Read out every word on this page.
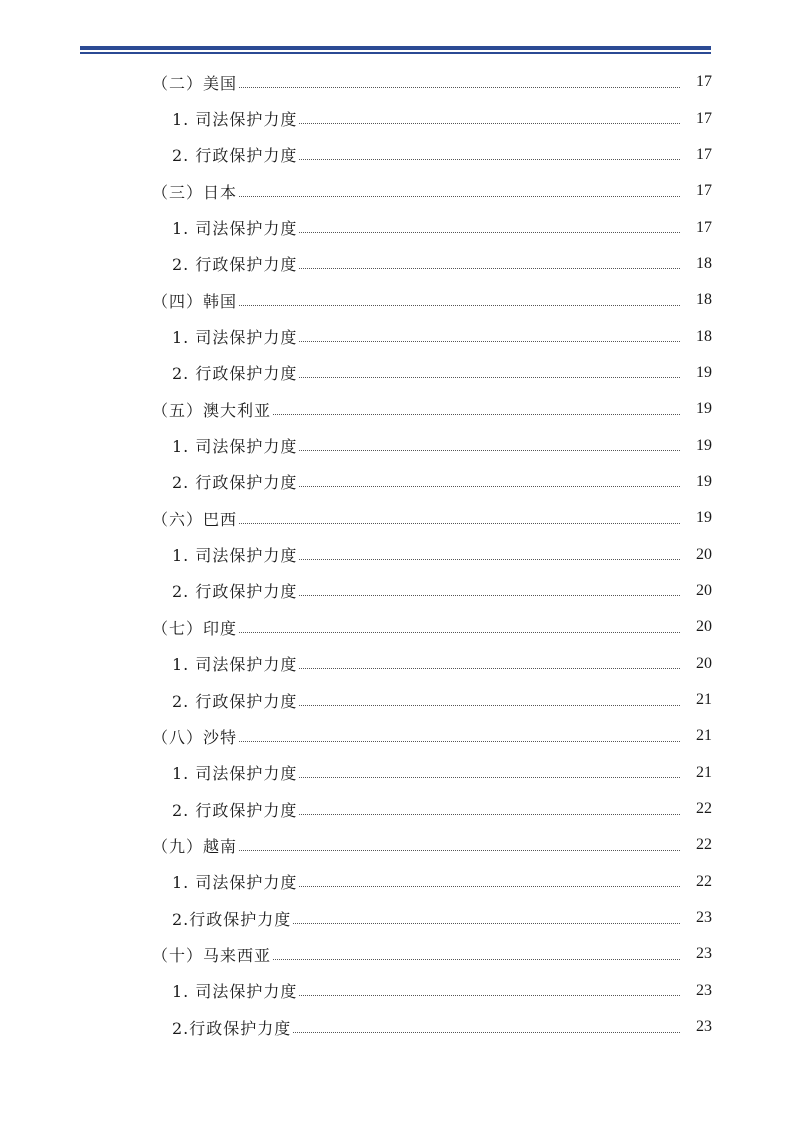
（二）美国	17
1. 司法保护力度	17
2. 行政保护力度	17
（三）日本	17
1. 司法保护力度	17
2. 行政保护力度	18
（四）韩国	18
1. 司法保护力度	18
2. 行政保护力度	19
（五）澳大利亚	19
1. 司法保护力度	19
2. 行政保护力度	19
（六）巴西	19
1. 司法保护力度	20
2. 行政保护力度	20
（七）印度	20
1. 司法保护力度	20
2. 行政保护力度	21
（八）沙特	21
1. 司法保护力度	21
2. 行政保护力度	22
（九）越南	22
1. 司法保护力度	22
2.行政保护力度	23
（十）马来西亚	23
1. 司法保护力度	23
2.行政保护力度	23
